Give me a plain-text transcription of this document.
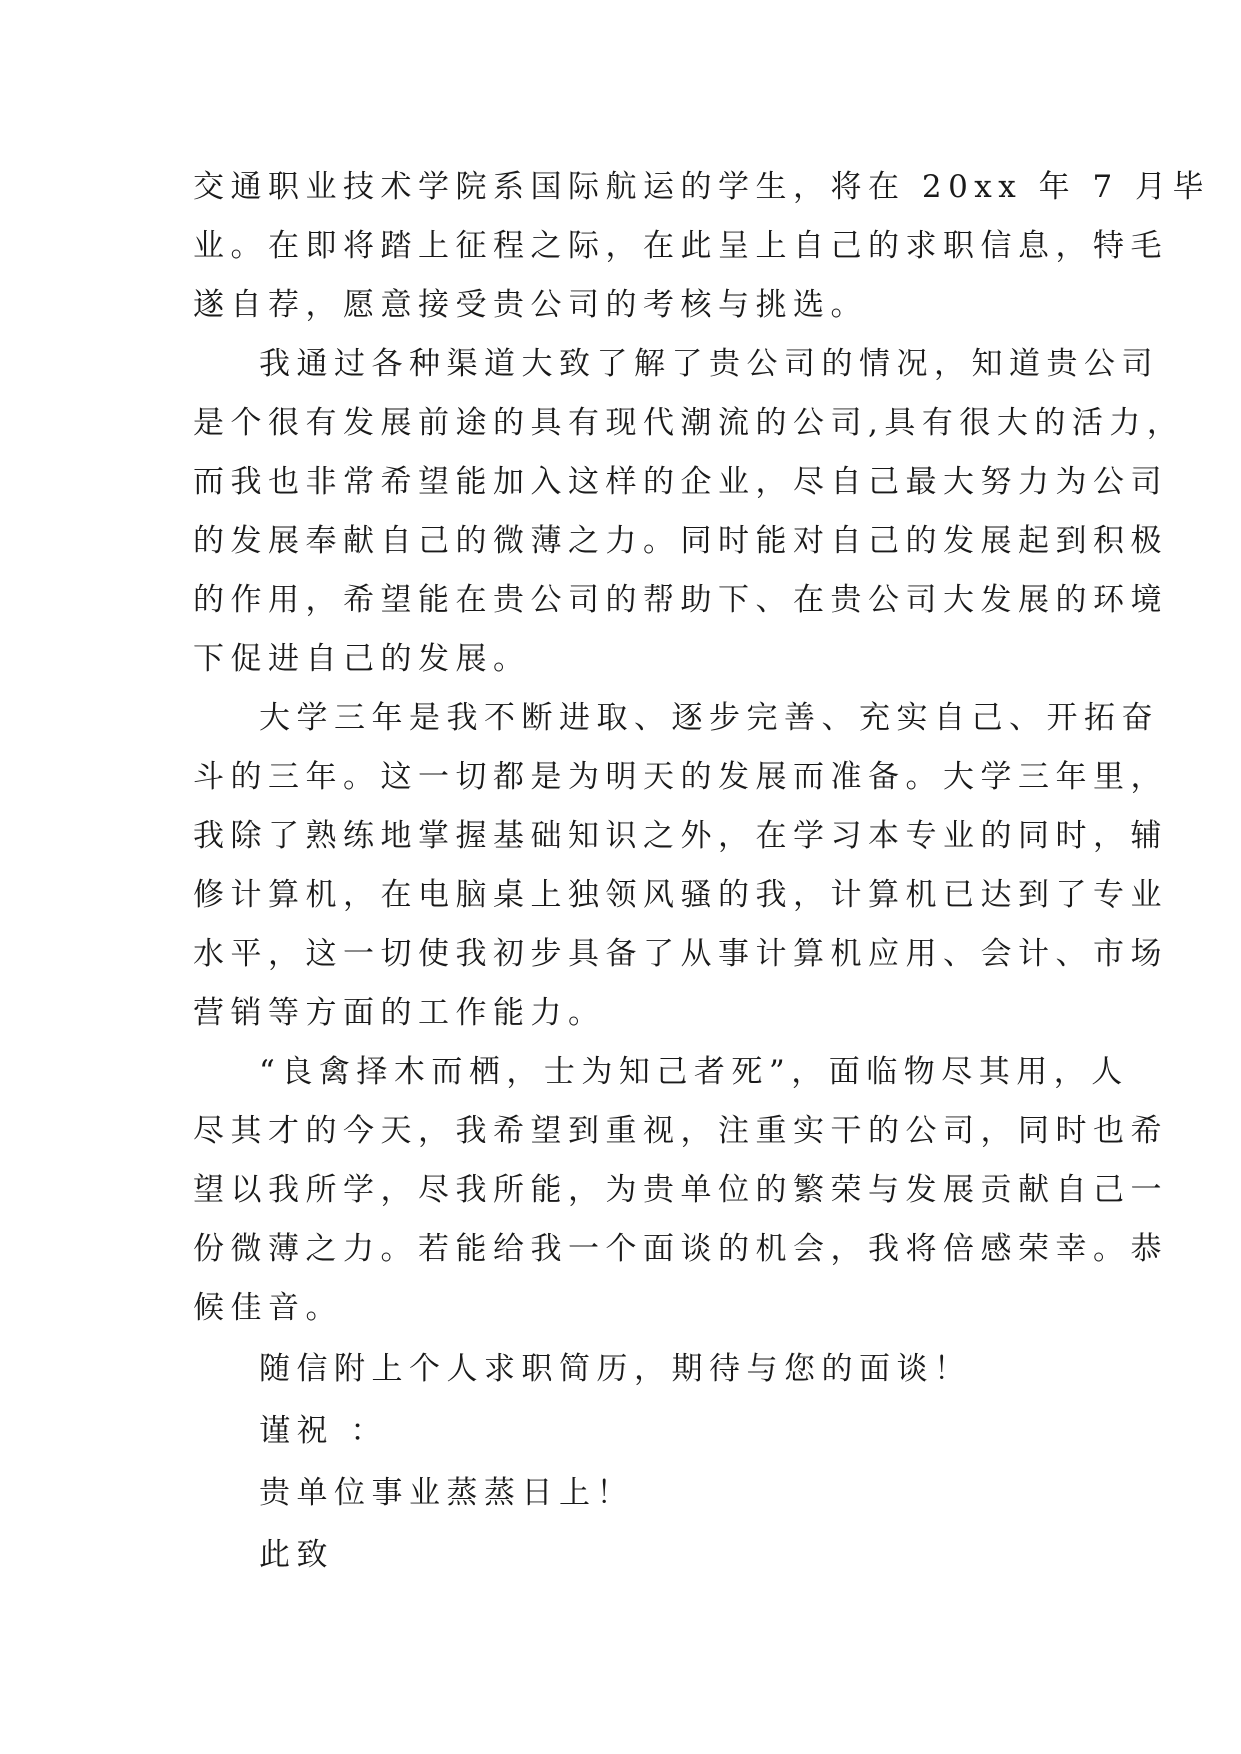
交通职业技术学院系国际航运的学生，将在 20xx 年 7 月毕
业。在即将踏上征程之际，在此呈上自己的求职信息，特毛
遂自荐，愿意接受贵公司的考核与挑选。
我通过各种渠道大致了解了贵公司的情况，知道贵公司
是个很有发展前途的具有现代潮流的公司,具有很大的活力，
而我也非常希望能加入这样的企业，尽自己最大努力为公司
的发展奉献自己的微薄之力。同时能对自己的发展起到积极
的作用，希望能在贵公司的帮助下、在贵公司大发展的环境
下促进自己的发展。
大学三年是我不断进取、逐步完善、充实自己、开拓奋
斗的三年。这一切都是为明天的发展而准备。大学三年里，
我除了熟练地掌握基础知识之外，在学习本专业的同时，辅
修计算机，在电脑桌上独领风骚的我，计算机已达到了专业
水平，这一切使我初步具备了从事计算机应用、会计、市场
营销等方面的工作能力。
“良禽择木而栖，士为知己者死”，面临物尽其用，人
尽其才的今天，我希望到重视，注重实干的公司，同时也希
望以我所学，尽我所能，为贵单位的繁荣与发展贡献自己一
份微薄之力。若能给我一个面谈的机会，我将倍感荣幸。恭
候佳音。
随信附上个人求职简历，期待与您的面谈！
谨祝 ：
贵单位事业蒸蒸日上！
此致
